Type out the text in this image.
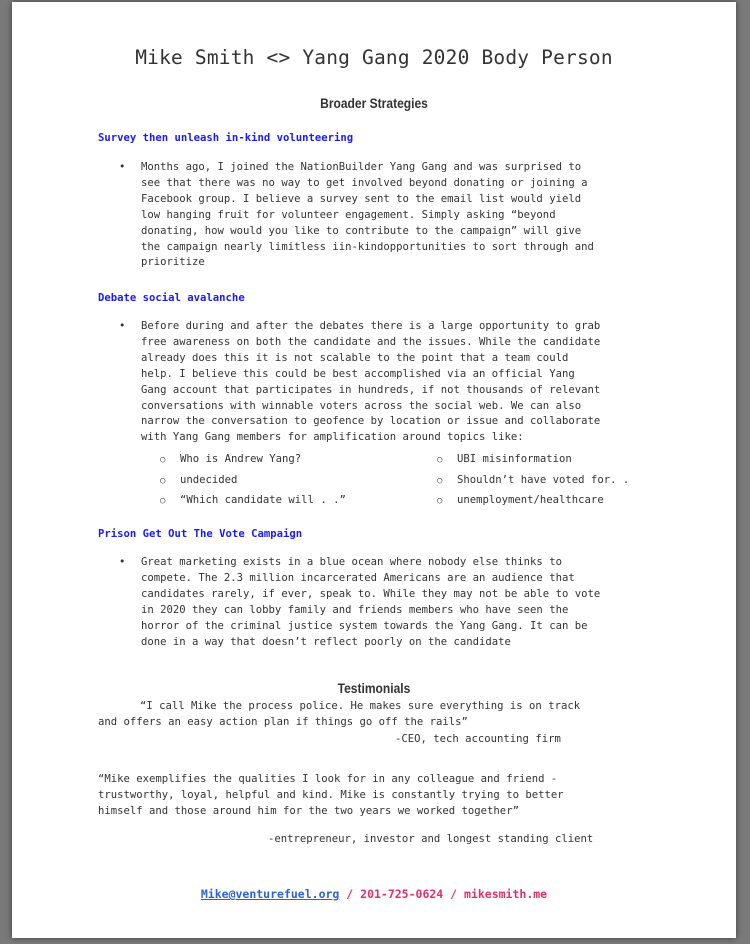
Mike Smith <> Yang Gang 2020 Body Person
Broader Strategies
Survey then unleash in-kind volunteering
• Months ago, I joined the NationBuilder Yang Gang and was surprised to
see that there was no way to get involved beyond donating or joining a
Facebook group. I believe a survey sent to the email list would yield
low hanging fruit for volunteer engagement. Simply asking “beyond
donating, how would you like to contribute to the campaign” will give
the campaign nearly limitless iin-kindopportunities to sort through and
prioritize
Debate social avalanche
• Before during and after the debates there is a large opportunity to grab
free awareness on both the candidate and the issues. While the candidate
already does this it is not scalable to the point that a team could
help. I believe this could be best accomplished via an official Yang
Gang account that participates in hundreds, if not thousands of relevant
conversations with winnable voters across the social web. We can also
narrow the conversation to geofence by location or issue and collaborate
with Yang Gang members for amplification around topics like:
○ Who is Andrew Yang?
○ undecided
○ “Which candidate will . .”
○ UBI misinformation
○ Shouldn’t have voted for. .
○ unemployment/healthcare
Prison Get Out The Vote Campaign
• Great marketing exists in a blue ocean where nobody else thinks to
compete. The 2.3 million incarcerated Americans are an audience that
candidates rarely, if ever, speak to. While they may not be able to vote
in 2020 they can lobby family and friends members who have seen the
horror of the criminal justice system towards the Yang Gang. It can be
done in a way that doesn’t reflect poorly on the candidate
Testimonials
“I call Mike the process police. He makes sure everything is on track
and offers an easy action plan if things go off the rails”
-CEO, tech accounting firm
“Mike exemplifies the qualities I look for in any colleague and friend -
trustworthy, loyal, helpful and kind. Mike is constantly trying to better
himself and those around him for the two years we worked together”
-entrepreneur, investor and longest standing client
Mike@venturefuel.org / 201-725-0624 / mikesmith.me
